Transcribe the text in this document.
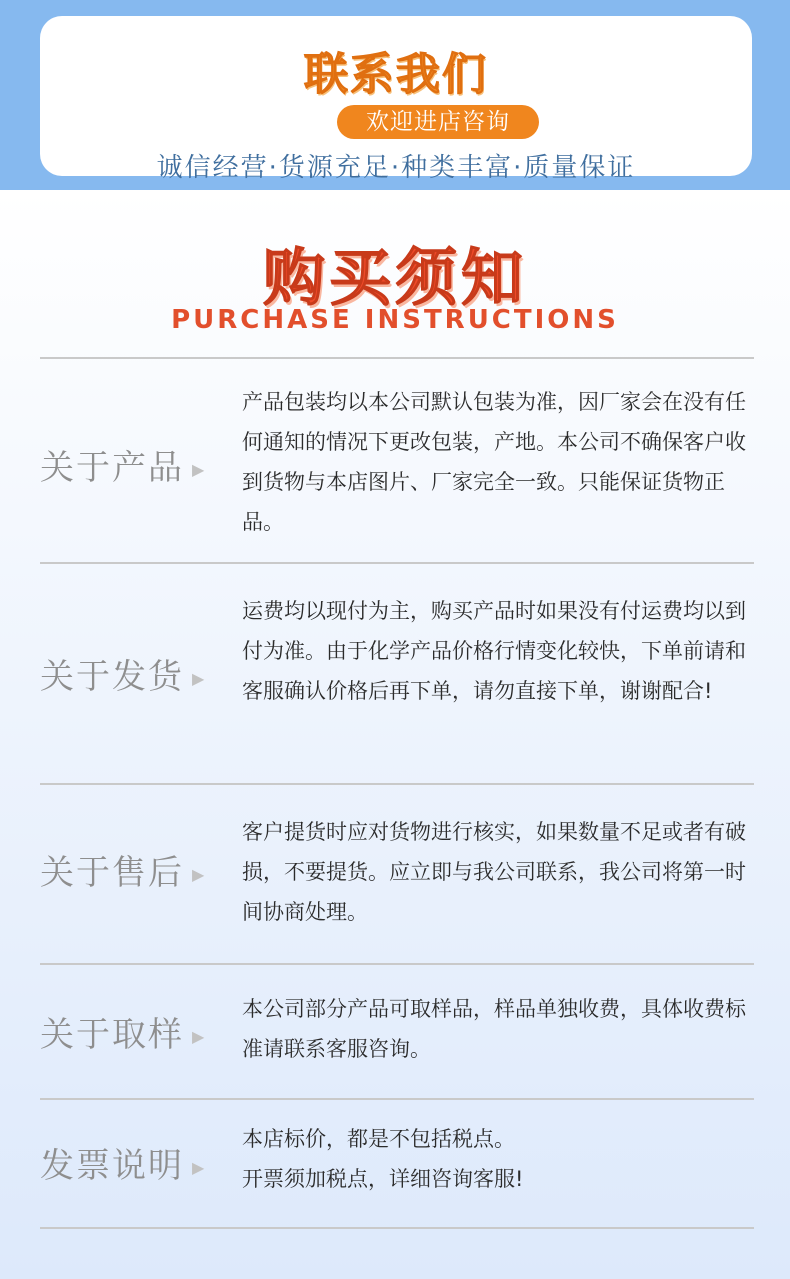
联系我们
欢迎进店咨询
诚信经营·货源充足·种类丰富·质量保证
购买须知
PURCHASE INSTRUCTIONS
关于产品 ▶
产品包装均以本公司默认包装为准，因厂家会在没有任何通知的情况下更改包装，产地。本公司不确保客户收到货物与本店图片、厂家完全一致。只能保证货物正品。
关于发货 ▶
运费均以现付为主，购买产品时如果没有付运费均以到付为准。由于化学产品价格行情变化较快，下单前请和客服确认价格后再下单，请勿直接下单，谢谢配合!
关于售后 ▶
客户提货时应对货物进行核实，如果数量不足或者有破损，不要提货。应立即与我公司联系，我公司将第一时间协商处理。
关于取样 ▶
本公司部分产品可取样品，样品单独收费，具体收费标准请联系客服咨询。
发票说明 ▶
本店标价，都是不包括税点。
开票须加税点，详细咨询客服!
